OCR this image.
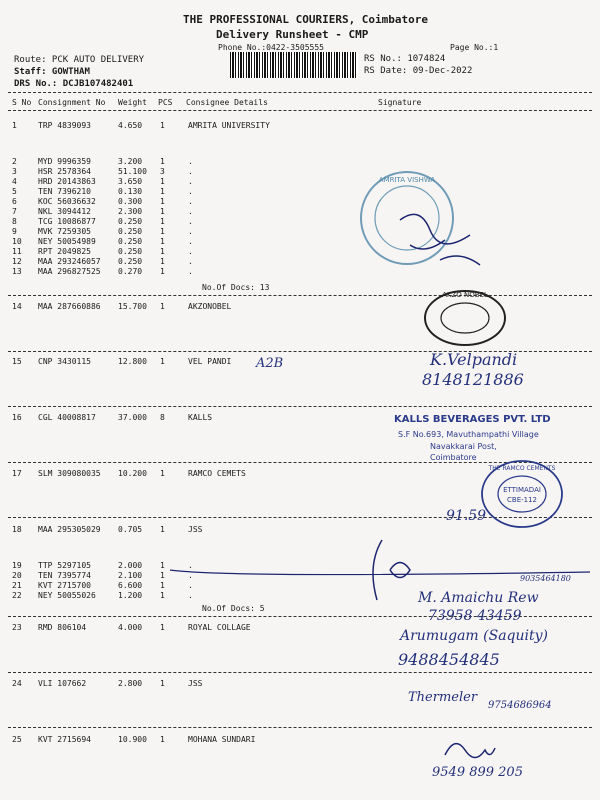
THE PROFESSIONAL COURIERS, Coimbatore
Delivery Runsheet - CMP
Phone No.:0422-3505555	Page No.:1
Route: PCK AUTO DELIVERY
Staff: GOWTHAM
DRS No.: DCJB107482401
RS No.: 1074824
RS Date: 09-Dec-2022
S No Consignment No Weight PCS Consignee Details	Signature
1	TRP 4839093	4.650 1	AMRITA UNIVERSITY
2	MYD 9996359	3.200 1	.
3	HSR 2578364	51.100 3	.
4	HRD 20143863	3.650 1	.
5	TEN 7396210	0.130 1	.
6	KOC 56036632	0.300 1	.
7	NKL 3094412	2.300 1	.
8	TCG 10086877	0.250 1	.
9	MVK 7259305	0.250 1	.
10 NEY 50054989	0.250 1	.
11 RPT 2049825	0.250 1	.
12 MAA 293246057 0.250 1	.
13 MAA 296827525 0.270 1	.
No.Of Docs: 13
14 MAA 287660886 15.700 1	AKZONOBEL
15 CNP 3430115	12.800 1	VEL PANDI
16 CGL 40008817	37.000 8	KALLS
17 SLM 309080035 10.200 1	RAMCO CEMETS
18 MAA 295305029 0.705 1	JSS
19 TTP 5297105	2.000 1	.
20 TEN 7395774	2.100 1	.
21 KVT 2715700	6.600 1	.
22 NEY 50055026	1.200 1	.
No.Of Docs: 5
23 RMD 806104	4.000 1	ROYAL COLLAGE
24 VLI 107662	2.800 1	JSS
25 KVT 2715694	10.900 1	MOHANA SUNDARI
AMRITA VISHWA
AKZO NOBEL
THE RAMCO CEMENTS
ETTIMADAI
CBE-112
KALLS BEVERAGES PVT. LTD
S.F No.693, Mavuthampathi Village
Navakkarai Post,
Coimbatore
A2B	K.Velpandi
8148121886
91.59
9035464180
M. Amaichu Rew
73958 43459
Arumugam (Saquity)
9488454845
Thermeler
9754686964
9549 899 205
